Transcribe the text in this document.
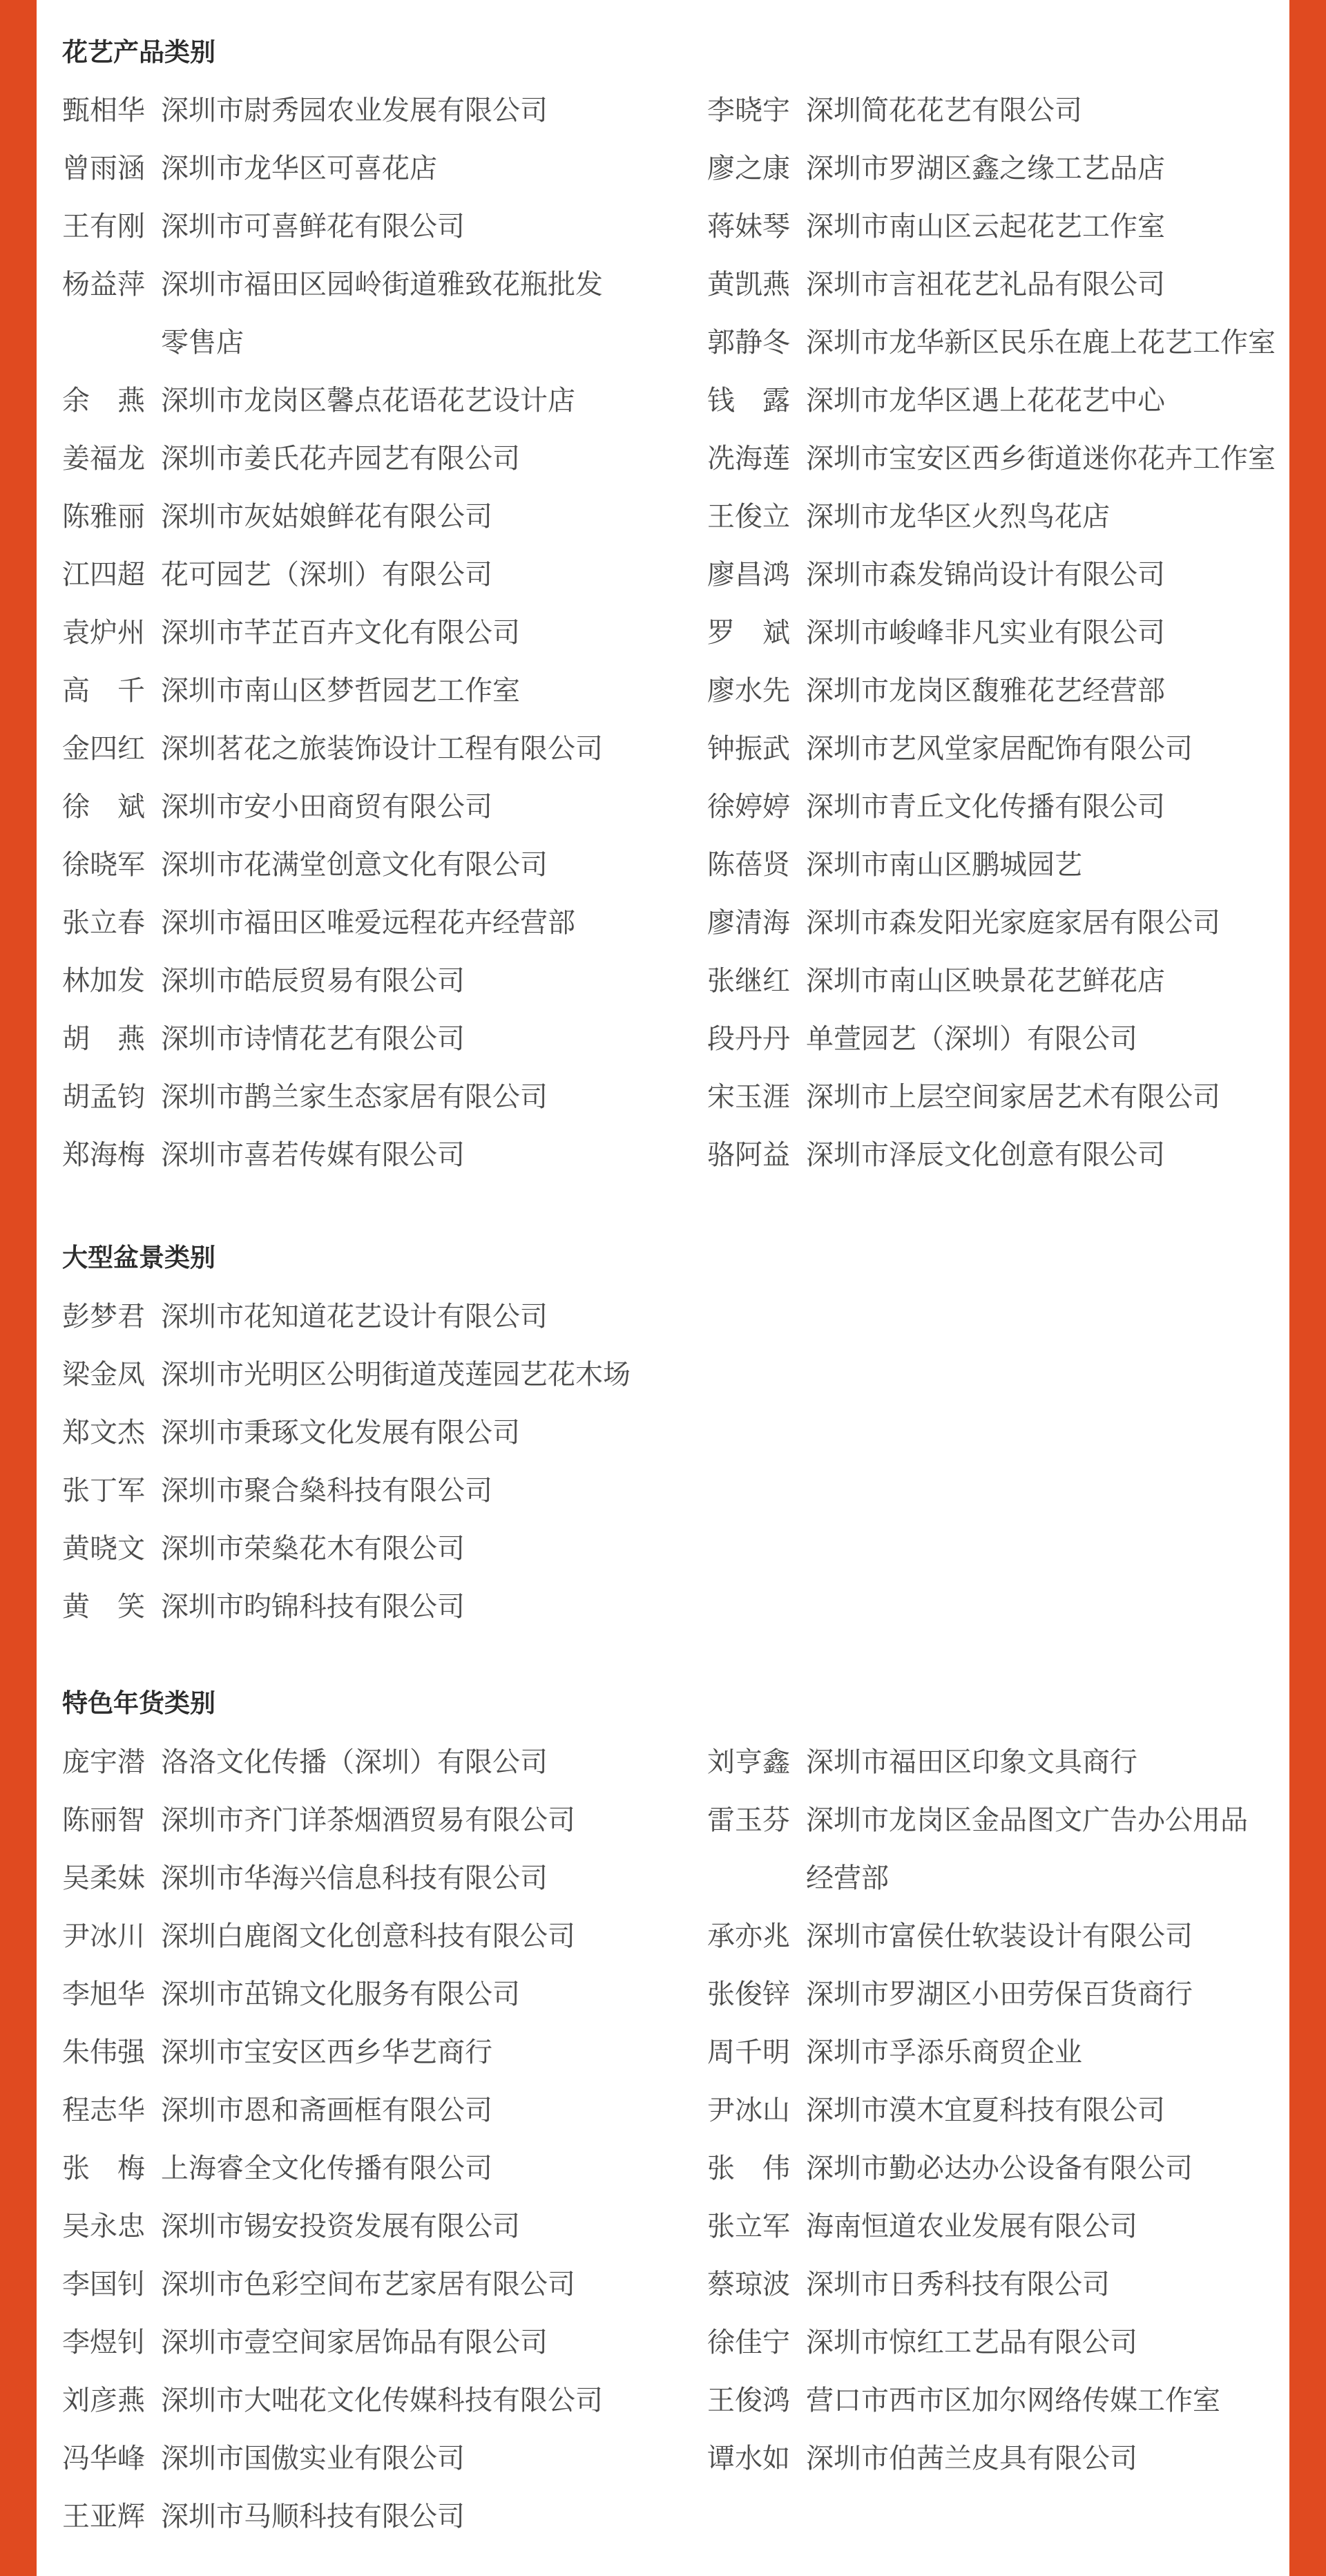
花艺产品类别
甄相华 深圳市尉秀园农业发展有限公司	李晓宇 深圳简花花艺有限公司
曾雨涵 深圳市龙华区可喜花店	廖之康 深圳市罗湖区鑫之缘工艺品店
王有刚 深圳市可喜鲜花有限公司	蒋妹琴 深圳市南山区云起花艺工作室
杨益萍 深圳市福田区园岭街道雅致花瓶批发	黄凯燕 深圳市言祖花艺礼品有限公司
零售店	郭静冬 深圳市龙华新区民乐在鹿上花艺工作室
余　燕 深圳市龙岗区馨点花语花艺设计店	钱　露 深圳市龙华区遇上花花艺中心
姜福龙 深圳市姜氏花卉园艺有限公司	冼海莲 深圳市宝安区西乡街道迷你花卉工作室
陈雅丽 深圳市灰姑娘鲜花有限公司	王俊立 深圳市龙华区火烈鸟花店
江四超 花可园艺（深圳）有限公司	廖昌鸿 深圳市森发锦尚设计有限公司
袁炉州 深圳市芊芷百卉文化有限公司	罗　斌 深圳市峻峰非凡实业有限公司
高　千 深圳市南山区梦哲园艺工作室	廖水先 深圳市龙岗区馥雅花艺经营部
金四红 深圳茗花之旅装饰设计工程有限公司	钟振武 深圳市艺风堂家居配饰有限公司
徐　斌 深圳市安小田商贸有限公司	徐婷婷 深圳市青丘文化传播有限公司
徐晓军 深圳市花满堂创意文化有限公司	陈蓓贤 深圳市南山区鹏城园艺
张立春 深圳市福田区唯爱远程花卉经营部	廖清海 深圳市森发阳光家庭家居有限公司
林加发 深圳市皓辰贸易有限公司	张继红 深圳市南山区映景花艺鲜花店
胡　燕 深圳市诗情花艺有限公司	段丹丹 单萱园艺（深圳）有限公司
胡孟钧 深圳市鹊兰家生态家居有限公司	宋玉涯 深圳市上层空间家居艺术有限公司
郑海梅 深圳市喜若传媒有限公司	骆阿益 深圳市泽辰文化创意有限公司
大型盆景类别
彭梦君 深圳市花知道花艺设计有限公司
梁金凤 深圳市光明区公明街道茂莲园艺花木场
郑文杰 深圳市秉琢文化发展有限公司
张丁军 深圳市聚合燊科技有限公司
黄晓文 深圳市荣燊花木有限公司
黄　笑 深圳市昀锦科技有限公司
特色年货类别
庞宇潜 洛洛文化传播（深圳）有限公司	刘亨鑫 深圳市福田区印象文具商行
陈丽智 深圳市齐门详茶烟酒贸易有限公司	雷玉芬 深圳市龙岗区金品图文广告办公用品
吴柔妹 深圳市华海兴信息科技有限公司	经营部
尹冰川 深圳白鹿阁文化创意科技有限公司	承亦兆 深圳市富侯仕软装设计有限公司
李旭华 深圳市茁锦文化服务有限公司	张俊锌 深圳市罗湖区小田劳保百货商行
朱伟强 深圳市宝安区西乡华艺商行	周千明 深圳市孚添乐商贸企业
程志华 深圳市恩和斋画框有限公司	尹冰山 深圳市漠木宜夏科技有限公司
张　梅 上海睿全文化传播有限公司	张　伟 深圳市勤必达办公设备有限公司
吴永忠 深圳市锡安投资发展有限公司	张立军 海南恒道农业发展有限公司
李国钊 深圳市色彩空间布艺家居有限公司	蔡琼波 深圳市日秀科技有限公司
李煜钊 深圳市壹空间家居饰品有限公司	徐佳宁 深圳市惊红工艺品有限公司
刘彦燕 深圳市大咄花文化传媒科技有限公司	王俊鸿 营口市西市区加尔网络传媒工作室
冯华峰 深圳市国傲实业有限公司	谭水如 深圳市伯茜兰皮具有限公司
王亚辉 深圳市马顺科技有限公司
